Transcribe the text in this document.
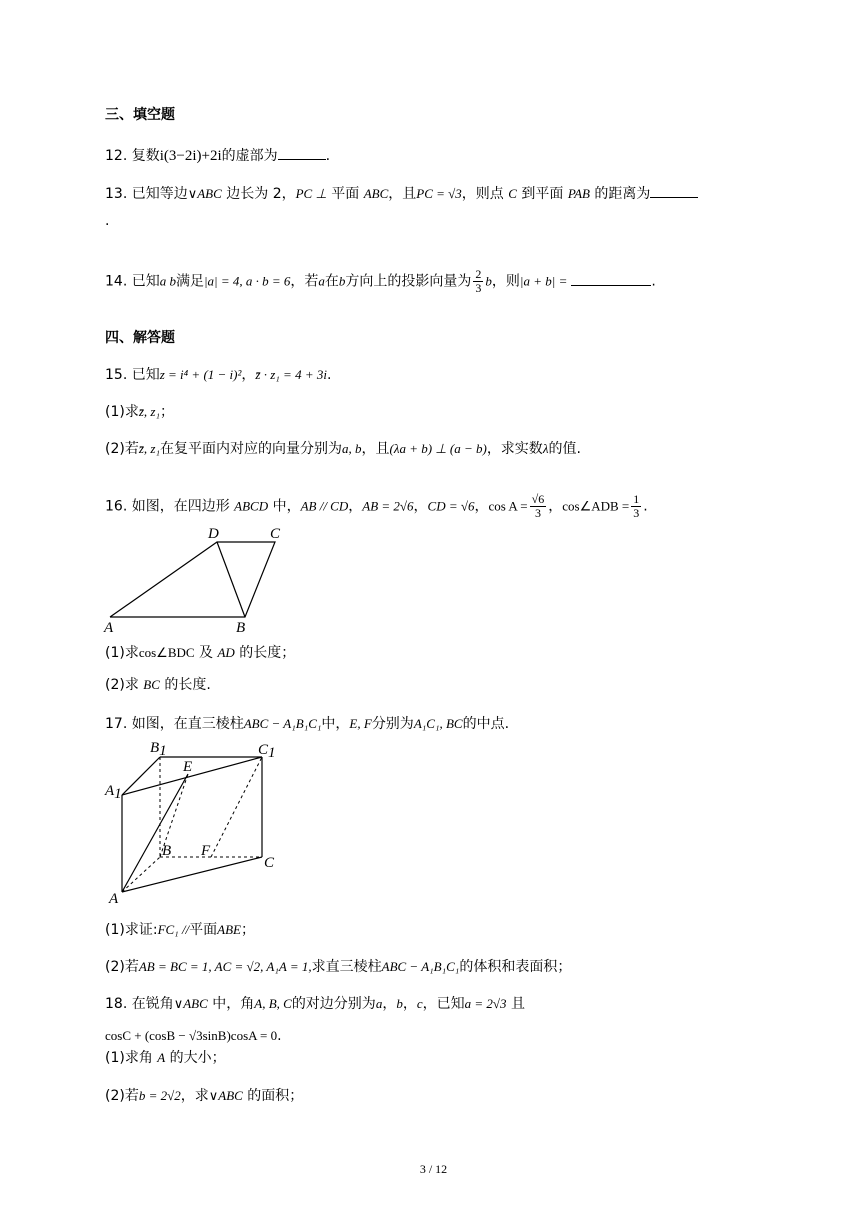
三、填空题
12. 复数i(3−2i)+2i的虚部为	.
13. 已知等边∨ABC 边长为 2，PC ⊥ 平面 ABC，且PC = √3，则点 C 到平面 PAB 的距离为
.
14. 已知a b满足|a| = 4, a · b = 6，若a在b方向上的投影向量为 $\frac{2}{3}$ b，则|a + b| =	.
四、解答题
15. 已知z = i⁴ + (1 − i)²，z̄ · z₁ = 4 + 3i.
(1)求z̄, z₁；
(2)若z̄, z₁在复平面内对应的向量分别为a, b，且(λa + b) ⊥ (a − b)，求实数λ的值.
16. 如图，在四边形 ABCD 中，AB // CD，AB = 2√6，CD = √6，$\cos A = \frac{√6}{3}$ ，cos∠ADB = $\frac{1}{3}$ .
A	B
C
D
(1)求cos∠BDC 及 AD 的长度；
(2)求 BC 的长度.
17. 如图，在直三棱柱ABC − A₁B₁C₁中，E, F分别为A₁C₁, BC的中点.
B1	C1
A1
E
B F
C
A
(1)求证:FC₁ //平面ABE；
(2)若AB = BC = 1, AC = √2, A₁A = 1,求直三棱柱ABC − A₁B₁C₁的体积和表面积；
18. 在锐角∨ABC 中，角A, B, C的对边分别为a，b，c，已知a = 2√3 且
cosC + (cosB − √3sinB)cosA = 0.
(1)求角 A 的大小；
(2)若b = 2√2，求∨ABC 的面积；
3 / 12
